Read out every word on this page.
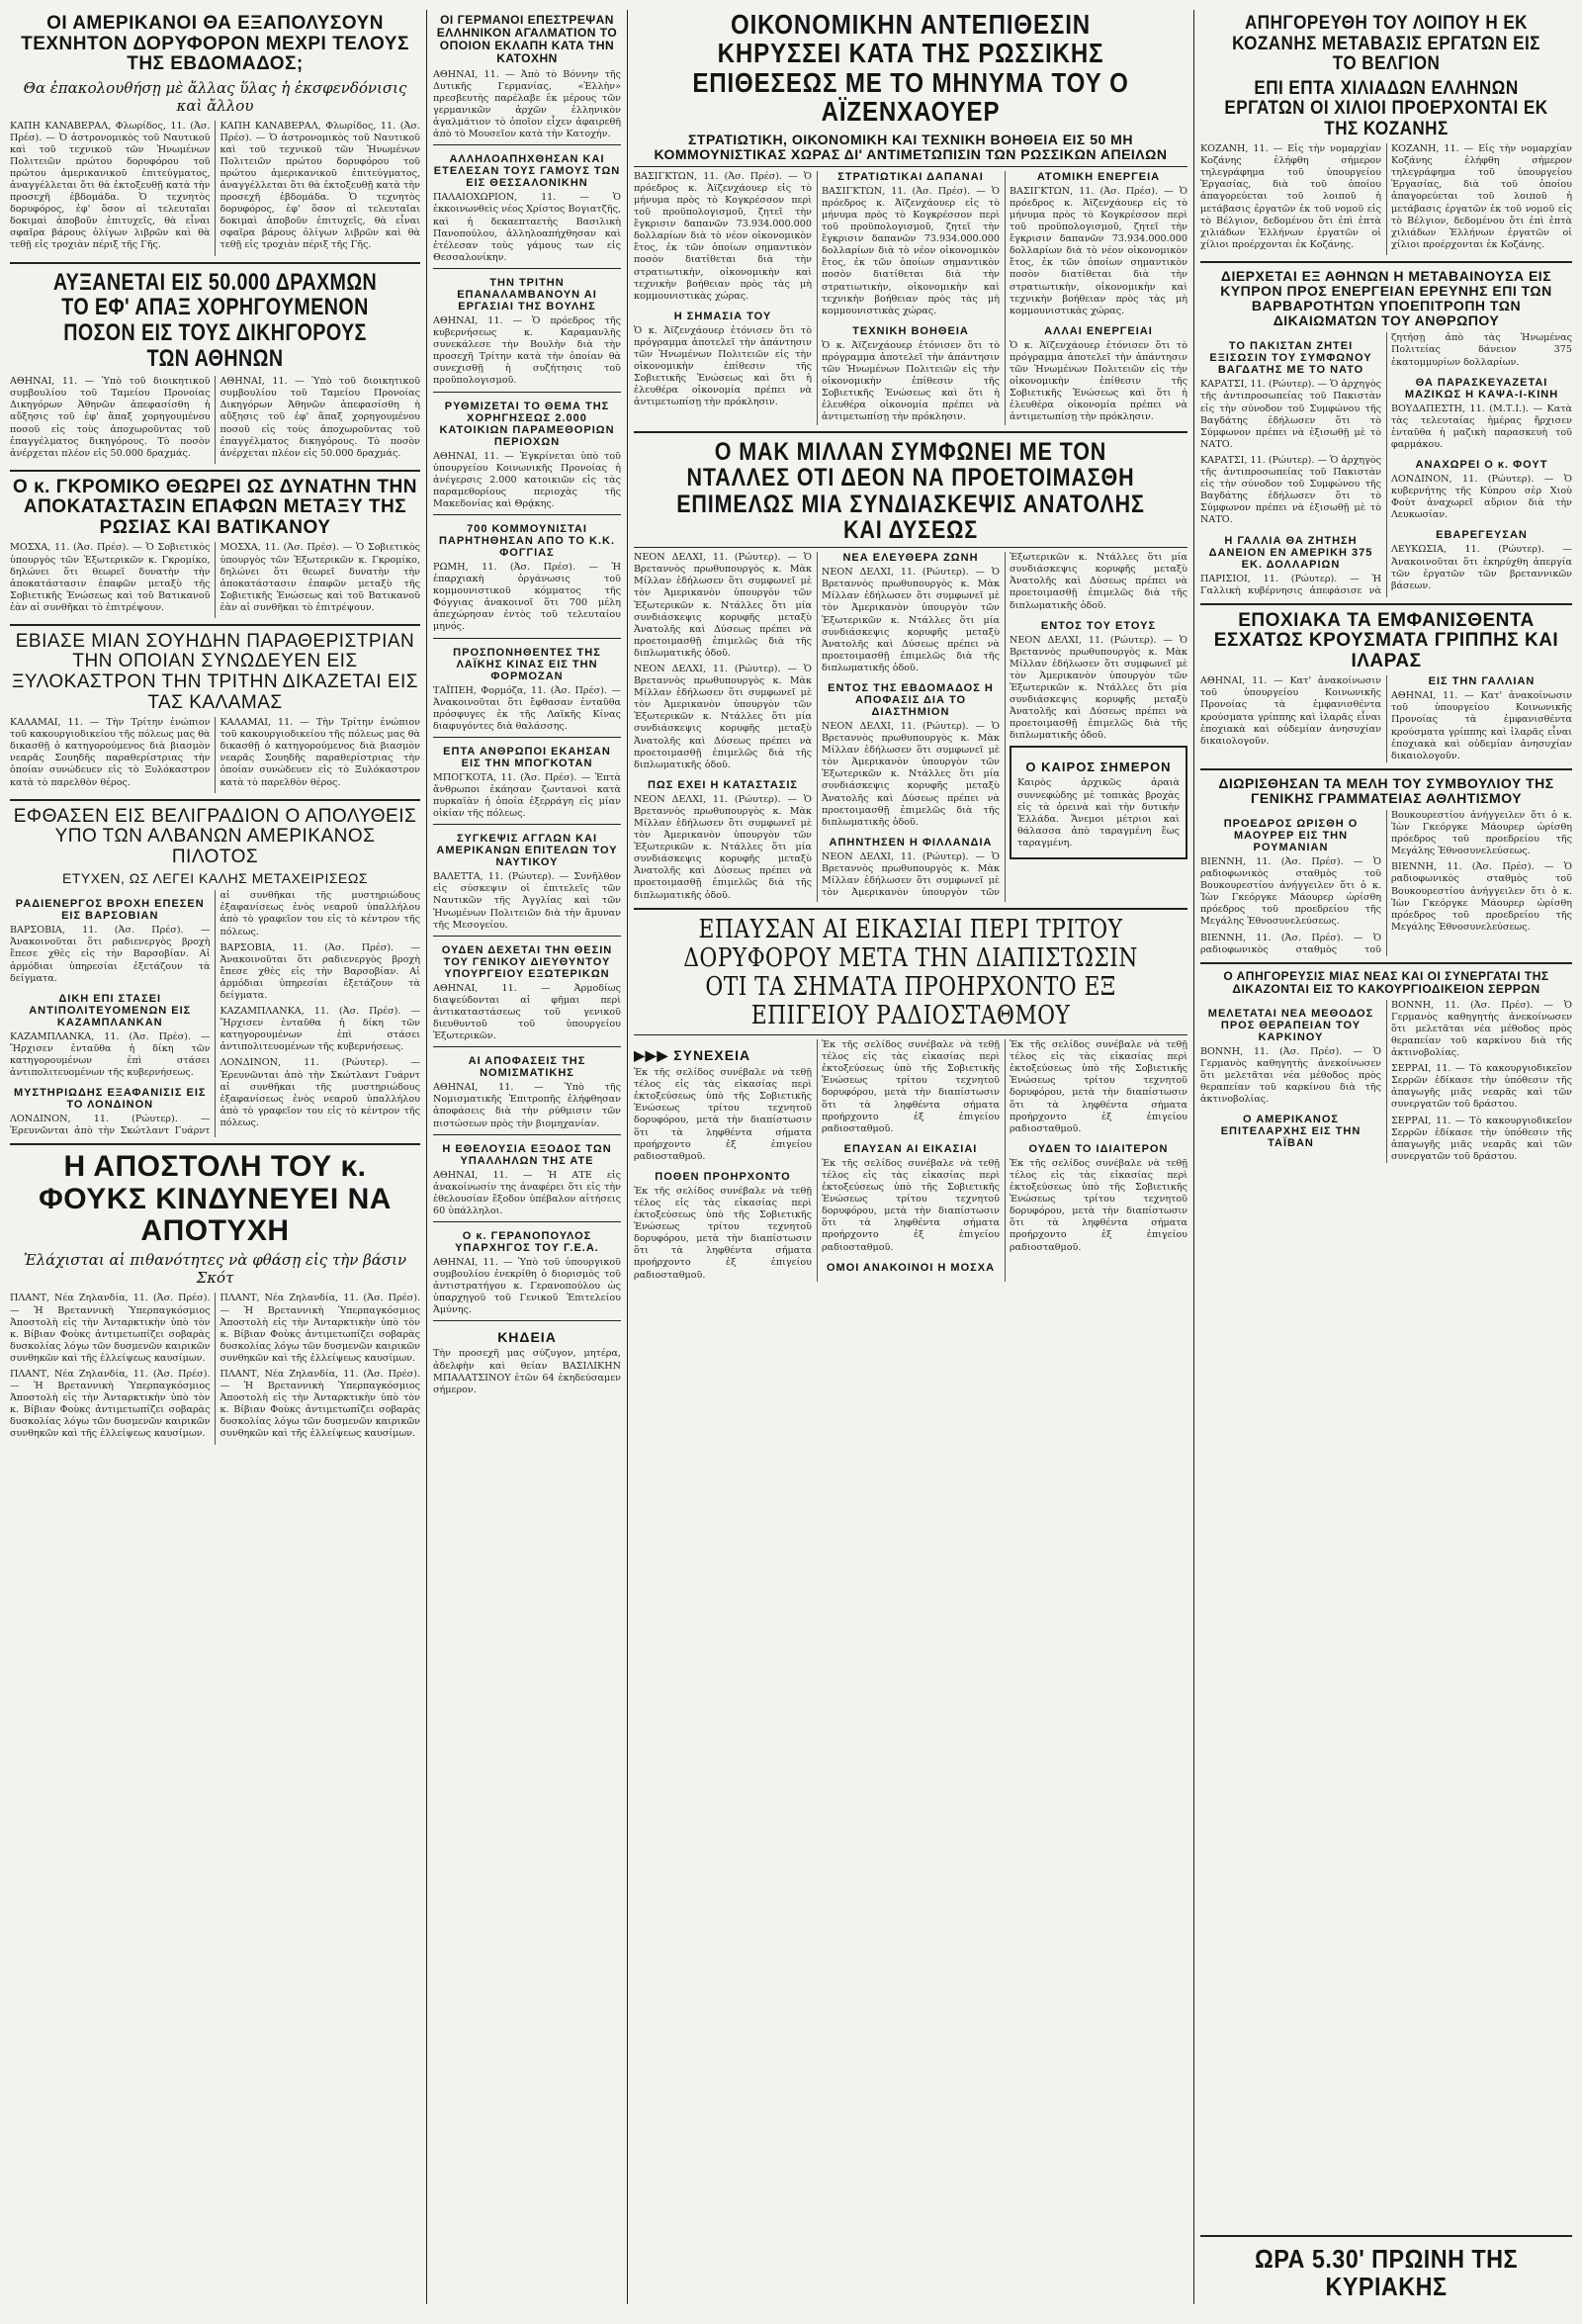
ΟΙ ΑΜΕΡΙΚΑΝΟΙ ΘΑ ΕΞΑΠΟΛΥΣΟΥΝ ΤΕΧΝΗΤΟΝ ΔΟΡΥΦΟΡΟΝ ΜΕΧΡΙ ΤΕΛΟΥΣ ΤΗΣ ΕΒΔΟΜΑΔΟΣ;
Θα ἐπακολουθήσῃ μὲ ἄλλας ὕλας ἡ ἐκσφενδόνισις καὶ ἄλλου

ΚΑΠΗ ΚΑΝΑΒΕΡΑΛ, Φλωρίδος, 11. (Ἀσ. Πρέσ). — Ὁ ἀστρονομικὸς τοῦ Ναυτικοῦ καὶ τοῦ τεχνικοῦ τῶν Ἡνωμένων Πολιτειῶν πρώτου δορυφόρου τοῦ πρώτου ἀμερικανικοῦ ἐπιτεύγματος, ἀναγγέλλεται ὅτι θὰ ἐκτοξευθῇ κατὰ τὴν προσεχῆ ἑβδομάδα. Ὁ τεχνητὸς δορυφόρος, ἐφ' ὅσον αἱ τελευταῖαι δοκιμαὶ ἀποβοῦν ἐπιτυχεῖς, θὰ εἶναι σφαῖρα βάρους ὀλίγων λιβρῶν καὶ θὰ τεθῇ εἰς τροχιὰν πέριξ τῆς Γῆς.

ΚΑΠΗ ΚΑΝΑΒΕΡΑΛ, Φλωρίδος, 11. (Ἀσ. Πρέσ). — Ὁ ἀστρονομικὸς τοῦ Ναυτικοῦ καὶ τοῦ τεχνικοῦ τῶν Ἡνωμένων Πολιτειῶν πρώτου δορυφόρου τοῦ πρώτου ἀμερικανικοῦ ἐπιτεύγματος, ἀναγγέλλεται ὅτι θὰ ἐκτοξευθῇ κατὰ τὴν προσεχῆ ἑβδομάδα. Ὁ τεχνητὸς δορυφόρος, ἐφ' ὅσον αἱ τελευταῖαι δοκιμαὶ ἀποβοῦν ἐπιτυχεῖς, θὰ εἶναι σφαῖρα βάρους ὀλίγων λιβρῶν καὶ θὰ τεθῇ εἰς τροχιὰν πέριξ τῆς Γῆς.

ΑΥΞΑΝΕΤΑΙ ΕΙΣ 50.000 ΔΡΑΧΜΩΝ ΤΟ ΕΦ' ΑΠΑΞ ΧΟΡΗΓΟΥΜΕΝΟΝ ΠΟΣΟΝ ΕΙΣ ΤΟΥΣ ΔΙΚΗΓΟΡΟΥΣ ΤΩΝ ΑΘΗΝΩΝ

ΑΘΗΝΑΙ, 11. — Ὑπὸ τοῦ διοικητικοῦ συμβουλίου τοῦ Ταμείου Προνοίας Δικηγόρων Ἀθηνῶν ἀπεφασίσθη ἡ αὔξησις τοῦ ἐφ' ἅπαξ χορηγουμένου ποσοῦ εἰς τοὺς ἀποχωροῦντας τοῦ ἐπαγγέλματος δικηγόρους. Τὸ ποσὸν ἀνέρχεται πλέον εἰς 50.000 δραχμάς.

ΑΘΗΝΑΙ, 11. — Ὑπὸ τοῦ διοικητικοῦ συμβουλίου τοῦ Ταμείου Προνοίας Δικηγόρων Ἀθηνῶν ἀπεφασίσθη ἡ αὔξησις τοῦ ἐφ' ἅπαξ χορηγουμένου ποσοῦ εἰς τοὺς ἀποχωροῦντας τοῦ ἐπαγγέλματος δικηγόρους. Τὸ ποσὸν ἀνέρχεται πλέον εἰς 50.000 δραχμάς.

Ο κ. ΓΚΡΟΜΙΚΟ ΘΕΩΡΕΙ ΩΣ ΔΥΝΑΤΗΝ ΤΗΝ ΑΠΟΚΑΤΑΣΤΑΣΙΝ ΕΠΑΦΩΝ ΜΕΤΑΞΥ ΤΗΣ ΡΩΣΙΑΣ ΚΑΙ ΒΑΤΙΚΑΝΟΥ

ΜΟΣΧΑ, 11. (Ἀσ. Πρέσ). — Ὁ Σοβιετικὸς ὑπουργὸς τῶν Ἐξωτερικῶν κ. Γκρομίκο, δηλώνει ὅτι θεωρεῖ δυνατὴν τὴν ἀποκατάστασιν ἐπαφῶν μεταξὺ τῆς Σοβιετικῆς Ἑνώσεως καὶ τοῦ Βατικανοῦ ἐὰν αἱ συνθῆκαι τὸ ἐπιτρέψουν.

ΜΟΣΧΑ, 11. (Ἀσ. Πρέσ). — Ὁ Σοβιετικὸς ὑπουργὸς τῶν Ἐξωτερικῶν κ. Γκρομίκο, δηλώνει ὅτι θεωρεῖ δυνατὴν τὴν ἀποκατάστασιν ἐπαφῶν μεταξὺ τῆς Σοβιετικῆς Ἑνώσεως καὶ τοῦ Βατικανοῦ ἐὰν αἱ συνθῆκαι τὸ ἐπιτρέψουν.

ΕΒΙΑΣΕ ΜΙΑΝ ΣΟΥΗΔΗΝ ΠΑΡΑΘΕΡΙΣΤΡΙΑΝ ΤΗΝ ΟΠΟΙΑΝ ΣΥΝΩΔΕΥΕΝ ΕΙΣ ΞΥΛΟΚΑΣΤΡΟΝ ΤΗΝ ΤΡΙΤΗΝ ΔΙΚΑΖΕΤΑΙ ΕΙΣ ΤΑΣ ΚΑΛΑΜΑΣ

ΚΑΛΑΜΑΙ, 11. — Τὴν Τρίτην ἐνώπιον τοῦ κακουργιοδικείου τῆς πόλεως μας θὰ δικασθῇ ὁ κατηγορούμενος διὰ βιασμὸν νεαρᾶς Σουηδῆς παραθερίστριας τὴν ὁποίαν συνώδευεν εἰς τὸ Ξυλόκαστρον κατὰ τὸ παρελθὸν θέρος.

ΚΑΛΑΜΑΙ, 11. — Τὴν Τρίτην ἐνώπιον τοῦ κακουργιοδικείου τῆς πόλεως μας θὰ δικασθῇ ὁ κατηγορούμενος διὰ βιασμὸν νεαρᾶς Σουηδῆς παραθερίστριας τὴν ὁποίαν συνώδευεν εἰς τὸ Ξυλόκαστρον κατὰ τὸ παρελθὸν θέρος.

ΕΦΘΑΣΕΝ ΕΙΣ ΒΕΛΙΓΡΑΔΙΟΝ Ο ΑΠΟΛΥΘΕΙΣ ΥΠΟ ΤΩΝ ΑΛΒΑΝΩΝ ΑΜΕΡΙΚΑΝΟΣ ΠΙΛΟΤΟΣ
ΕΤΥΧΕΝ, ΩΣ ΛΕΓΕΙ ΚΑΛΗΣ ΜΕΤΑΧΕΙΡΙΣΕΩΣ
ΡΑΔΙΕΝΕΡΓΟΣ ΒΡΟΧΗ ΕΠΕΣΕΝ ΕΙΣ ΒΑΡΣΟΒΙΑΝ

ΒΑΡΣΟΒΙΑ, 11. (Ἀσ. Πρέσ). — Ἀνακοινοῦται ὅτι ραδιενεργὸς βροχὴ ἔπεσε χθὲς εἰς τὴν Βαρσοβίαν. Αἱ ἀρμόδιαι ὑπηρεσίαι ἐξετάζουν τὰ δείγματα.

ΔΙΚΗ ΕΠΙ ΣΤΑΣΕΙ ΑΝΤΙΠΟΛΙΤΕΥΟΜΕΝΩΝ ΕΙΣ ΚΑΖΑΜΠΛΑΝΚΑΝ

ΚΑΖΑΜΠΛΑΝΚΑ, 11. (Ἀσ. Πρέσ). — Ἤρχισεν ἐνταῦθα ἡ δίκη τῶν κατηγορουμένων ἐπὶ στάσει ἀντιπολιτευομένων τῆς κυβερνήσεως.

ΜΥΣΤΗΡΙΩΔΗΣ ΕΞΑΦΑΝΙΣΙΣ ΕΙΣ ΤΟ ΛΟΝΔΙΝΟΝ

ΛΟΝΔΙΝΟΝ, 11. (Ρώυτερ). — Ἐρευνῶνται ἀπὸ τὴν Σκώτλαντ Γυάρντ αἱ συνθῆκαι τῆς μυστηριώδους ἐξαφανίσεως ἑνὸς νεαροῦ ὑπαλλήλου ἀπὸ τὸ γραφεῖον του εἰς τὸ κέντρον τῆς πόλεως.

ΒΑΡΣΟΒΙΑ, 11. (Ἀσ. Πρέσ). — Ἀνακοινοῦται ὅτι ραδιενεργὸς βροχὴ ἔπεσε χθὲς εἰς τὴν Βαρσοβίαν. Αἱ ἀρμόδιαι ὑπηρεσίαι ἐξετάζουν τὰ δείγματα.

ΚΑΖΑΜΠΛΑΝΚΑ, 11. (Ἀσ. Πρέσ). — Ἤρχισεν ἐνταῦθα ἡ δίκη τῶν κατηγορουμένων ἐπὶ στάσει ἀντιπολιτευομένων τῆς κυβερνήσεως.

ΛΟΝΔΙΝΟΝ, 11. (Ρώυτερ). — Ἐρευνῶνται ἀπὸ τὴν Σκώτλαντ Γυάρντ αἱ συνθῆκαι τῆς μυστηριώδους ἐξαφανίσεως ἑνὸς νεαροῦ ὑπαλλήλου ἀπὸ τὸ γραφεῖον του εἰς τὸ κέντρον τῆς πόλεως.

Η ΑΠΟΣΤΟΛΗ ΤΟΥ κ. ΦΟΥΚΣ ΚΙΝΔΥΝΕΥΕΙ ΝΑ ΑΠΟΤΥΧΗ
Ἐλάχισται αἱ πιθανότητες νὰ φθάσῃ εἰς τὴν βάσιν Σκότ

ΠΛΑΝΤ, Νέα Ζηλανδία, 11. (Ἀσ. Πρέσ). — Ἡ Βρεταννικὴ Ὑπερπαγκόσμιος Ἀποστολὴ εἰς τὴν Ἀνταρκτικὴν ὑπὸ τὸν κ. Βίβιαν Φοὺκς ἀντιμετωπίζει σοβαρὰς δυσκολίας λόγω τῶν δυσμενῶν καιρικῶν συνθηκῶν καὶ τῆς ἐλλείψεως καυσίμων.

ΠΛΑΝΤ, Νέα Ζηλανδία, 11. (Ἀσ. Πρέσ). — Ἡ Βρεταννικὴ Ὑπερπαγκόσμιος Ἀποστολὴ εἰς τὴν Ἀνταρκτικὴν ὑπὸ τὸν κ. Βίβιαν Φοὺκς ἀντιμετωπίζει σοβαρὰς δυσκολίας λόγω τῶν δυσμενῶν καιρικῶν συνθηκῶν καὶ τῆς ἐλλείψεως καυσίμων.

ΠΛΑΝΤ, Νέα Ζηλανδία, 11. (Ἀσ. Πρέσ). — Ἡ Βρεταννικὴ Ὑπερπαγκόσμιος Ἀποστολὴ εἰς τὴν Ἀνταρκτικὴν ὑπὸ τὸν κ. Βίβιαν Φοὺκς ἀντιμετωπίζει σοβαρὰς δυσκολίας λόγω τῶν δυσμενῶν καιρικῶν συνθηκῶν καὶ τῆς ἐλλείψεως καυσίμων.

ΠΛΑΝΤ, Νέα Ζηλανδία, 11. (Ἀσ. Πρέσ). — Ἡ Βρεταννικὴ Ὑπερπαγκόσμιος Ἀποστολὴ εἰς τὴν Ἀνταρκτικὴν ὑπὸ τὸν κ. Βίβιαν Φοὺκς ἀντιμετωπίζει σοβαρὰς δυσκολίας λόγω τῶν δυσμενῶν καιρικῶν συνθηκῶν καὶ τῆς ἐλλείψεως καυσίμων.

ΟΙ ΓΕΡΜΑΝΟΙ ΕΠΕΣΤΡΕΨΑΝ ΕΛΛΗΝΙΚΟΝ ΑΓΑΛΜΑΤΙΟΝ ΤΟ ΟΠΟΙΟΝ ΕΚΛΑΠΗ ΚΑΤΑ ΤΗΝ ΚΑΤΟΧΗΝ

ΑΘΗΝΑΙ, 11. — Ἀπὸ τὸ Βόννην τῆς Δυτικῆς Γερμανίας, «Ἑλλὴν» πρεσβευτὴς παρέλαβε ἐκ μέρους τῶν γερμανικῶν ἀρχῶν ἑλληνικὸν ἀγαλμάτιον τὸ ὁποῖον εἶχεν ἀφαιρεθῆ ἀπὸ τὸ Μουσεῖον κατὰ τὴν Κατοχήν.

ΑΛΛΗΛΟΑΠΗΧΘΗΣΑΝ ΚΑΙ ΕΤΕΛΕΣΑΝ ΤΟΥΣ ΓΑΜΟΥΣ ΤΩΝ ΕΙΣ ΘΕΣΣΑΛΟΝΙΚΗΝ

ΠΑΛΑΙΟΧΩΡΙΟΝ, 11. — Ὁ ἐκκοινωνθεὶς νέος Χρίστος Βογιατζῆς, καὶ ἡ δεκαεπταετὴς Βασιλικὴ Πανοπούλου, ἀλληλοαπήχθησαν καὶ ἐτέλεσαν τοὺς γάμους των εἰς Θεσσαλονίκην.

ΤΗΝ ΤΡΙΤΗΝ ΕΠΑΝΑΛΑΜΒΑΝΟΥΝ ΑΙ ΕΡΓΑΣΙΑΙ ΤΗΣ ΒΟΥΛΗΣ

ΑΘΗΝΑΙ, 11. — Ὁ πρόεδρος τῆς κυβερνήσεως κ. Καραμανλῆς συνεκάλεσε τὴν Βουλὴν διὰ τὴν προσεχῆ Τρίτην κατὰ τὴν ὁποίαν θὰ συνεχισθῇ ἡ συζήτησις τοῦ προϋπολογισμοῦ.

ΡΥΘΜΙΖΕΤΑΙ ΤΟ ΘΕΜΑ ΤΗΣ ΧΟΡΗΓΗΣΕΩΣ 2.000 ΚΑΤΟΙΚΙΩΝ ΠΑΡΑΜΕΘΟΡΙΩΝ ΠΕΡΙΟΧΩΝ

ΑΘΗΝΑΙ, 11. — Ἐγκρίνεται ὑπὸ τοῦ ὑπουργείου Κοινωνικῆς Προνοίας ἡ ἀνέγερσις 2.000 κατοικιῶν εἰς τὰς παραμεθορίους περιοχὰς τῆς Μακεδονίας καὶ Θρᾴκης.

700 ΚΟΜΜΟΥΝΙΣΤΑΙ ΠΑΡΗΤΗΘΗΣΑΝ ΑΠΟ ΤΟ Κ.Κ. ΦΟΓΓΙΑΣ

ΡΩΜΗ, 11. (Ἀσ. Πρέσ). — Ἡ ἐπαρχιακὴ ὀργάνωσις τοῦ κομμουνιστικοῦ κόμματος τῆς Φόγγιας ἀνακοινοῖ ὅτι 700 μέλη ἀπεχώρησαν ἐντὸς τοῦ τελευταίου μηνός.

ΠΡΟΣΠΟΝΗΘΕΝΤΕΣ ΤΗΣ ΛΑΪΚΗΣ ΚΙΝΑΣ ΕΙΣ ΤΗΝ ΦΟΡΜΟΖΑΝ

ΤΑΪΠΕΗ, Φορμόζα, 11. (Ἀσ. Πρέσ). — Ἀνακοινοῦται ὅτι ἔφθασαν ἐνταῦθα πρόσφυγες ἐκ τῆς Λαϊκῆς Κίνας διαφυγόντες διὰ θαλάσσης.

ΕΠΤΑ ΑΝΘΡΩΠΟΙ ΕΚΑΗΣΑΝ ΕΙΣ ΤΗΝ ΜΠΟΓΚΟΤΑΝ

ΜΠΟΓΚΟΤΑ, 11. (Ἀσ. Πρέσ). — Ἑπτὰ ἄνθρωποι ἐκάησαν ζωντανοὶ κατὰ πυρκαϊὰν ἡ ὁποία ἐξερράγη εἰς μίαν οἰκίαν τῆς πόλεως.

ΣΥΓΚΕΨΙΣ ΑΓΓΛΩΝ ΚΑΙ ΑΜΕΡΙΚΑΝΩΝ ΕΠΙΤΕΛΩΝ ΤΟΥ ΝΑΥΤΙΚΟΥ

ΒΑΛΕΤΤΑ, 11. (Ρώυτερ). — Συνῆλθον εἰς σύσκεψιν οἱ ἐπιτελεῖς τῶν Ναυτικῶν τῆς Ἀγγλίας καὶ τῶν Ἡνωμένων Πολιτειῶν διὰ τὴν ἄμυναν τῆς Μεσογείου.

ΟΥΔΕΝ ΔΕΧΕΤΑΙ ΤΗΝ ΘΕΣΙΝ ΤΟΥ ΓΕΝΙΚΟΥ ΔΙΕΥΘΥΝΤΟΥ ΥΠΟΥΡΓΕΙΟΥ ΕΞΩΤΕΡΙΚΩΝ

ΑΘΗΝΑΙ, 11. — Ἀρμοδίως διαψεύδονται αἱ φῆμαι περὶ ἀντικαταστάσεως τοῦ γενικοῦ διευθυντοῦ τοῦ ὑπουργείου Ἐξωτερικῶν.

ΑΙ ΑΠΟΦΑΣΕΙΣ ΤΗΣ ΝΟΜΙΣΜΑΤΙΚΗΣ

ΑΘΗΝΑΙ, 11. — Ὑπὸ τῆς Νομισματικῆς Ἐπιτροπῆς ἐλήφθησαν ἀποφάσεις διὰ τὴν ρύθμισιν τῶν πιστώσεων πρὸς τὴν βιομηχανίαν.

Η ΕΘΕΛΟΥΣΙΑ ΕΞΟΔΟΣ ΤΩΝ ΥΠΑΛΛΗΛΩΝ ΤΗΣ ΑΤΕ

ΑΘΗΝΑΙ, 11. — Ἡ ΑΤΕ εἰς ἀνακοίνωσίν της ἀναφέρει ὅτι εἰς τὴν ἐθελουσίαν ἔξοδον ὑπέβαλον αἰτήσεις 60 ὑπάλληλοι.

Ο κ. ΓΕΡΑΝΟΠΟΥΛΟΣ ΥΠΑΡΧΗΓΟΣ ΤΟΥ Γ.Ε.Α.

ΑΘΗΝΑΙ, 11. — Ὑπὸ τοῦ ὑπουργικοῦ συμβουλίου ἐνεκρίθη ὁ διορισμὸς τοῦ ἀντιστρατήγου κ. Γερανοπούλου ὡς ὑπαρχηγοῦ τοῦ Γενικοῦ Ἐπιτελείου Ἀμύνης.

ΚΗΔΕΙΑ

Τὴν προσεχῆ μας σύζυγον, μητέρα, ἀδελφὴν καὶ θείαν ΒΑΣΙΛΙΚΗΝ ΜΠΑΛΑΤΣΙΝΟΥ ἐτῶν 64 ἐκηδεύσαμεν σήμερον.

ΟΙΚΟΝΟΜΙΚΗΝ ΑΝΤΕΠΙΘΕΣΙΝ ΚΗΡΥΣΣΕΙ ΚΑΤΑ ΤΗΣ ΡΩΣΣΙΚΗΣ ΕΠΙΘΕΣΕΩΣ ΜΕ ΤΟ ΜΗΝΥΜΑ ΤΟΥ Ο ΑΪΖΕΝΧΑΟΥΕΡ
ΣΤΡΑΤΙΩΤΙΚΗ, ΟΙΚΟΝΟΜΙΚΗ ΚΑΙ ΤΕΧΝΙΚΗ ΒΟΗΘΕΙΑ ΕΙΣ 50 ΜΗ ΚΟΜΜΟΥΝΙΣΤΙΚΑΣ ΧΩΡΑΣ ΔΙ' ΑΝΤΙΜΕΤΩΠΙΣΙΝ ΤΩΝ ΡΩΣΣΙΚΩΝ ΑΠΕΙΛΩΝ

ΒΑΣΙΓΚΤΩΝ, 11. (Ἀσ. Πρέσ). — Ὁ πρόεδρος κ. Ἀϊζενχάουερ εἰς τὸ μήνυμα πρὸς τὸ Κογκρέσσον περὶ τοῦ προϋπολογισμοῦ, ζητεῖ τὴν ἔγκρισιν δαπανῶν 73.934.000.000 δολλαρίων διὰ τὸ νέον οἰκονομικὸν ἔτος, ἐκ τῶν ὁποίων σημαντικὸν ποσὸν διατίθεται διὰ τὴν στρατιωτικὴν, οἰκονομικὴν καὶ τεχνικὴν βοήθειαν πρὸς τὰς μὴ κομμουνιστικὰς χώρας.

Η ΣΗΜΑΣΙΑ ΤΟΥ

Ὁ κ. Ἀϊζενχάουερ ἐτόνισεν ὅτι τὸ πρόγραμμα ἀποτελεῖ τὴν ἀπάντησιν τῶν Ἡνωμένων Πολιτειῶν εἰς τὴν οἰκονομικὴν ἐπίθεσιν τῆς Σοβιετικῆς Ἑνώσεως καὶ ὅτι ἡ ἐλευθέρα οἰκονομία πρέπει νὰ ἀντιμετωπίσῃ τὴν πρόκλησιν.

ΣΤΡΑΤΙΩΤΙΚΑΙ ΔΑΠΑΝΑΙ

ΒΑΣΙΓΚΤΩΝ, 11. (Ἀσ. Πρέσ). — Ὁ πρόεδρος κ. Ἀϊζενχάουερ εἰς τὸ μήνυμα πρὸς τὸ Κογκρέσσον περὶ τοῦ προϋπολογισμοῦ, ζητεῖ τὴν ἔγκρισιν δαπανῶν 73.934.000.000 δολλαρίων διὰ τὸ νέον οἰκονομικὸν ἔτος, ἐκ τῶν ὁποίων σημαντικὸν ποσὸν διατίθεται διὰ τὴν στρατιωτικὴν, οἰκονομικὴν καὶ τεχνικὴν βοήθειαν πρὸς τὰς μὴ κομμουνιστικὰς χώρας.

ΤΕΧΝΙΚΗ ΒΟΗΘΕΙΑ

Ὁ κ. Ἀϊζενχάουερ ἐτόνισεν ὅτι τὸ πρόγραμμα ἀποτελεῖ τὴν ἀπάντησιν τῶν Ἡνωμένων Πολιτειῶν εἰς τὴν οἰκονομικὴν ἐπίθεσιν τῆς Σοβιετικῆς Ἑνώσεως καὶ ὅτι ἡ ἐλευθέρα οἰκονομία πρέπει νὰ ἀντιμετωπίσῃ τὴν πρόκλησιν.

ΑΤΟΜΙΚΗ ΕΝΕΡΓΕΙΑ

ΒΑΣΙΓΚΤΩΝ, 11. (Ἀσ. Πρέσ). — Ὁ πρόεδρος κ. Ἀϊζενχάουερ εἰς τὸ μήνυμα πρὸς τὸ Κογκρέσσον περὶ τοῦ προϋπολογισμοῦ, ζητεῖ τὴν ἔγκρισιν δαπανῶν 73.934.000.000 δολλαρίων διὰ τὸ νέον οἰκονομικὸν ἔτος, ἐκ τῶν ὁποίων σημαντικὸν ποσὸν διατίθεται διὰ τὴν στρατιωτικὴν, οἰκονομικὴν καὶ τεχνικὴν βοήθειαν πρὸς τὰς μὴ κομμουνιστικὰς χώρας.

ΑΛΛΑΙ ΕΝΕΡΓΕΙΑΙ

Ὁ κ. Ἀϊζενχάουερ ἐτόνισεν ὅτι τὸ πρόγραμμα ἀποτελεῖ τὴν ἀπάντησιν τῶν Ἡνωμένων Πολιτειῶν εἰς τὴν οἰκονομικὴν ἐπίθεσιν τῆς Σοβιετικῆς Ἑνώσεως καὶ ὅτι ἡ ἐλευθέρα οἰκονομία πρέπει νὰ ἀντιμετωπίσῃ τὴν πρόκλησιν.

Ο ΜΑΚ ΜΙΛΛΑΝ ΣΥΜΦΩΝΕΙ ΜΕ ΤΟΝ ΝΤΑΛΛΕΣ ΟΤΙ ΔΕΟΝ ΝΑ ΠΡΟΕΤΟΙΜΑΣΘΗ ΕΠΙΜΕΛΩΣ ΜΙΑ ΣΥΝΔΙΑΣΚΕΨΙΣ ΑΝΑΤΟΛΗΣ ΚΑΙ ΔΥΣΕΩΣ

ΝΕΟΝ ΔΕΛΧΙ, 11. (Ρώυτερ). — Ὁ Βρεταννὸς πρωθυπουργὸς κ. Μὰκ Μίλλαν ἐδήλωσεν ὅτι συμφωνεῖ μὲ τὸν Ἀμερικανὸν ὑπουργὸν τῶν Ἐξωτερικῶν κ. Ντάλλες ὅτι μία συνδιάσκεψις κορυφῆς μεταξὺ Ἀνατολῆς καὶ Δύσεως πρέπει νὰ προετοιμασθῇ ἐπιμελῶς διὰ τῆς διπλωματικῆς ὁδοῦ.

ΝΕΟΝ ΔΕΛΧΙ, 11. (Ρώυτερ). — Ὁ Βρεταννὸς πρωθυπουργὸς κ. Μὰκ Μίλλαν ἐδήλωσεν ὅτι συμφωνεῖ μὲ τὸν Ἀμερικανὸν ὑπουργὸν τῶν Ἐξωτερικῶν κ. Ντάλλες ὅτι μία συνδιάσκεψις κορυφῆς μεταξὺ Ἀνατολῆς καὶ Δύσεως πρέπει νὰ προετοιμασθῇ ἐπιμελῶς διὰ τῆς διπλωματικῆς ὁδοῦ.

ΠΩΣ ΕΧΕΙ Η ΚΑΤΑΣΤΑΣΙΣ

ΝΕΟΝ ΔΕΛΧΙ, 11. (Ρώυτερ). — Ὁ Βρεταννὸς πρωθυπουργὸς κ. Μὰκ Μίλλαν ἐδήλωσεν ὅτι συμφωνεῖ μὲ τὸν Ἀμερικανὸν ὑπουργὸν τῶν Ἐξωτερικῶν κ. Ντάλλες ὅτι μία συνδιάσκεψις κορυφῆς μεταξὺ Ἀνατολῆς καὶ Δύσεως πρέπει νὰ προετοιμασθῇ ἐπιμελῶς διὰ τῆς διπλωματικῆς ὁδοῦ.

ΝΕΑ ΕΛΕΥΘΕΡΑ ΖΩΝΗ

ΝΕΟΝ ΔΕΛΧΙ, 11. (Ρώυτερ). — Ὁ Βρεταννὸς πρωθυπουργὸς κ. Μὰκ Μίλλαν ἐδήλωσεν ὅτι συμφωνεῖ μὲ τὸν Ἀμερικανὸν ὑπουργὸν τῶν Ἐξωτερικῶν κ. Ντάλλες ὅτι μία συνδιάσκεψις κορυφῆς μεταξὺ Ἀνατολῆς καὶ Δύσεως πρέπει νὰ προετοιμασθῇ ἐπιμελῶς διὰ τῆς διπλωματικῆς ὁδοῦ.

ΕΝΤΟΣ ΤΗΣ ΕΒΔΟΜΑΔΟΣ Η ΑΠΟΦΑΣΙΣ ΔΙΑ ΤΟ ΔΙΑΣΤΗΜΙΟΝ

ΝΕΟΝ ΔΕΛΧΙ, 11. (Ρώυτερ). — Ὁ Βρεταννὸς πρωθυπουργὸς κ. Μὰκ Μίλλαν ἐδήλωσεν ὅτι συμφωνεῖ μὲ τὸν Ἀμερικανὸν ὑπουργὸν τῶν Ἐξωτερικῶν κ. Ντάλλες ὅτι μία συνδιάσκεψις κορυφῆς μεταξὺ Ἀνατολῆς καὶ Δύσεως πρέπει νὰ προετοιμασθῇ ἐπιμελῶς διὰ τῆς διπλωματικῆς ὁδοῦ.

ΑΠΗΝΤΗΣΕΝ Η ΦΙΛΛΑΝΔΙΑ

ΝΕΟΝ ΔΕΛΧΙ, 11. (Ρώυτερ). — Ὁ Βρεταννὸς πρωθυπουργὸς κ. Μὰκ Μίλλαν ἐδήλωσεν ὅτι συμφωνεῖ μὲ τὸν Ἀμερικανὸν ὑπουργὸν τῶν Ἐξωτερικῶν κ. Ντάλλες ὅτι μία συνδιάσκεψις κορυφῆς μεταξὺ Ἀνατολῆς καὶ Δύσεως πρέπει νὰ προετοιμασθῇ ἐπιμελῶς διὰ τῆς διπλωματικῆς ὁδοῦ.

ΕΝΤΟΣ ΤΟΥ ΕΤΟΥΣ

ΝΕΟΝ ΔΕΛΧΙ, 11. (Ρώυτερ). — Ὁ Βρεταννὸς πρωθυπουργὸς κ. Μὰκ Μίλλαν ἐδήλωσεν ὅτι συμφωνεῖ μὲ τὸν Ἀμερικανὸν ὑπουργὸν τῶν Ἐξωτερικῶν κ. Ντάλλες ὅτι μία συνδιάσκεψις κορυφῆς μεταξὺ Ἀνατολῆς καὶ Δύσεως πρέπει νὰ προετοιμασθῇ ἐπιμελῶς διὰ τῆς διπλωματικῆς ὁδοῦ.

Ο ΚΑΙΡΟΣ ΣΗΜΕΡΟΝ

Καιρὸς ἀρχικῶς ἀραιὰ συννεφώδης μὲ τοπικὰς βροχὰς εἰς τὰ ὀρεινὰ καὶ τὴν δυτικὴν Ἑλλάδα. Ἄνεμοι μέτριοι καὶ θάλασσα ἀπὸ ταραγμένη ἕως ταραγμένη.

ΕΠΑΥΣΑΝ ΑΙ ΕΙΚΑΣΙΑΙ ΠΕΡΙ ΤΡΙΤΟΥ ΔΟΡΥΦΟΡΟΥ ΜΕΤΑ ΤΗΝ ΔΙΑΠΙΣΤΩΣΙΝ ΟΤΙ ΤΑ ΣΗΜΑΤΑ ΠΡΟΗΡΧΟΝΤΟ ΕΞ ΕΠΙΓΕΙΟΥ ΡΑΔΙΟΣΤΑΘΜΟΥ
▶▶▶ ΣΥΝΕΧΕΙΑ

Ἐκ τῆς σελίδος συνέβαλε νὰ τεθῇ τέλος εἰς τὰς εἰκασίας περὶ ἐκτοξεύσεως ὑπὸ τῆς Σοβιετικῆς Ἑνώσεως τρίτου τεχνητοῦ δορυφόρου, μετὰ τὴν διαπίστωσιν ὅτι τὰ ληφθέντα σήματα προήρχοντο ἐξ ἐπιγείου ραδιοσταθμοῦ.

ΠΟΘΕΝ ΠΡΟΗΡΧΟΝΤΟ

Ἐκ τῆς σελίδος συνέβαλε νὰ τεθῇ τέλος εἰς τὰς εἰκασίας περὶ ἐκτοξεύσεως ὑπὸ τῆς Σοβιετικῆς Ἑνώσεως τρίτου τεχνητοῦ δορυφόρου, μετὰ τὴν διαπίστωσιν ὅτι τὰ ληφθέντα σήματα προήρχοντο ἐξ ἐπιγείου ραδιοσταθμοῦ.

Ἐκ τῆς σελίδος συνέβαλε νὰ τεθῇ τέλος εἰς τὰς εἰκασίας περὶ ἐκτοξεύσεως ὑπὸ τῆς Σοβιετικῆς Ἑνώσεως τρίτου τεχνητοῦ δορυφόρου, μετὰ τὴν διαπίστωσιν ὅτι τὰ ληφθέντα σήματα προήρχοντο ἐξ ἐπιγείου ραδιοσταθμοῦ.

ΕΠΑΥΣΑΝ ΑΙ ΕΙΚΑΣΙΑΙ

Ἐκ τῆς σελίδος συνέβαλε νὰ τεθῇ τέλος εἰς τὰς εἰκασίας περὶ ἐκτοξεύσεως ὑπὸ τῆς Σοβιετικῆς Ἑνώσεως τρίτου τεχνητοῦ δορυφόρου, μετὰ τὴν διαπίστωσιν ὅτι τὰ ληφθέντα σήματα προήρχοντο ἐξ ἐπιγείου ραδιοσταθμοῦ.

ΟΜΟΙ ΑΝΑΚΟΙΝΟΙ Η ΜΟΣΧΑ

Ἐκ τῆς σελίδος συνέβαλε νὰ τεθῇ τέλος εἰς τὰς εἰκασίας περὶ ἐκτοξεύσεως ὑπὸ τῆς Σοβιετικῆς Ἑνώσεως τρίτου τεχνητοῦ δορυφόρου, μετὰ τὴν διαπίστωσιν ὅτι τὰ ληφθέντα σήματα προήρχοντο ἐξ ἐπιγείου ραδιοσταθμοῦ.

ΟΥΔΕΝ ΤΟ ΙΔΙΑΙΤΕΡΟΝ

Ἐκ τῆς σελίδος συνέβαλε νὰ τεθῇ τέλος εἰς τὰς εἰκασίας περὶ ἐκτοξεύσεως ὑπὸ τῆς Σοβιετικῆς Ἑνώσεως τρίτου τεχνητοῦ δορυφόρου, μετὰ τὴν διαπίστωσιν ὅτι τὰ ληφθέντα σήματα προήρχοντο ἐξ ἐπιγείου ραδιοσταθμοῦ.

ΑΠΗΓΟΡΕΥΘΗ ΤΟΥ ΛΟΙΠΟΥ Η ΕΚ ΚΟΖΑΝΗΣ ΜΕΤΑΒΑΣΙΣ ΕΡΓΑΤΩΝ ΕΙΣ ΤΟ ΒΕΛΓΙΟΝ
ΕΠΙ ΕΠΤΑ ΧΙΛΙΑΔΩΝ ΕΛΛΗΝΩΝ ΕΡΓΑΤΩΝ ΟΙ ΧΙΛΙΟΙ ΠΡΟΕΡΧΟΝΤΑΙ ΕΚ ΤΗΣ ΚΟΖΑΝΗΣ

ΚΟΖΑΝΗ, 11. — Εἰς τὴν νομαρχίαν Κοζάνης ἐλήφθη σήμερον τηλεγράφημα τοῦ ὑπουργείου Ἐργασίας, διὰ τοῦ ὁποίου ἀπαγορεύεται τοῦ λοιποῦ ἡ μετάβασις ἐργατῶν ἐκ τοῦ νομοῦ εἰς τὸ Βέλγιον, δεδομένου ὅτι ἐπὶ ἑπτὰ χιλιάδων Ἑλλήνων ἐργατῶν οἱ χίλιοι προέρχονται ἐκ Κοζάνης.

ΚΟΖΑΝΗ, 11. — Εἰς τὴν νομαρχίαν Κοζάνης ἐλήφθη σήμερον τηλεγράφημα τοῦ ὑπουργείου Ἐργασίας, διὰ τοῦ ὁποίου ἀπαγορεύεται τοῦ λοιποῦ ἡ μετάβασις ἐργατῶν ἐκ τοῦ νομοῦ εἰς τὸ Βέλγιον, δεδομένου ὅτι ἐπὶ ἑπτὰ χιλιάδων Ἑλλήνων ἐργατῶν οἱ χίλιοι προέρχονται ἐκ Κοζάνης.

ΔΙΕΡΧΕΤΑΙ ΕΞ ΑΘΗΝΩΝ Η ΜΕΤΑΒΑΙΝΟΥΣΑ ΕΙΣ ΚΥΠΡΟΝ ΠΡΟΣ ΕΝΕΡΓΕΙΑΝ ΕΡΕΥΝΗΣ ΕΠΙ ΤΩΝ ΒΑΡΒΑΡΟΤΗΤΩΝ ΥΠΟΕΠΙΤΡΟΠΗ ΤΩΝ ΔΙΚΑΙΩΜΑΤΩΝ ΤΟΥ ΑΝΘΡΩΠΟΥ
ΤΟ ΠΑΚΙΣΤΑΝ ΖΗΤΕΙ ΕΞΙΣΩΣΙΝ ΤΟΥ ΣΥΜΦΩΝΟΥ ΒΑΓΔΑΤΗΣ ΜΕ ΤΟ ΝΑΤΟ

ΚΑΡΑΤΣΙ, 11. (Ρώυτερ). — Ὁ ἀρχηγὸς τῆς ἀντιπροσωπείας τοῦ Πακιστὰν εἰς τὴν σύνοδον τοῦ Συμφώνου τῆς Βαγδάτης ἐδήλωσεν ὅτι τὸ Σύμφωνον πρέπει νὰ ἐξισωθῇ μὲ τὸ ΝΑΤΟ.

ΚΑΡΑΤΣΙ, 11. (Ρώυτερ). — Ὁ ἀρχηγὸς τῆς ἀντιπροσωπείας τοῦ Πακιστὰν εἰς τὴν σύνοδον τοῦ Συμφώνου τῆς Βαγδάτης ἐδήλωσεν ὅτι τὸ Σύμφωνον πρέπει νὰ ἐξισωθῇ μὲ τὸ ΝΑΤΟ.

Η ΓΑΛΛΙΑ ΘΑ ΖΗΤΗΣΗ ΔΑΝΕΙΟΝ ΕΝ ΑΜΕΡΙΚΗ 375 ΕΚ. ΔΟΛΛΑΡΙΩΝ

ΠΑΡΙΣΙΟΙ, 11. (Ρώυτερ). — Ἡ Γαλλικὴ κυβέρνησις ἀπεφάσισε νὰ ζητήσῃ ἀπὸ τὰς Ἡνωμένας Πολιτείας δάνειον 375 ἑκατομμυρίων δολλαρίων.

ΘΑ ΠΑΡΑΣΚΕΥΑΖΕΤΑΙ ΜΑΖΙΚΩΣ Η ΚΑΨΑ-Ι-ΚΙΝΗ

ΒΟΥΔΑΠΕΣΤΗ, 11. (Μ.Τ.Ι.). — Κατὰ τὰς τελευταίας ἡμέρας ἤρχισεν ἐνταῦθα ἡ μαζικὴ παρασκευὴ τοῦ φαρμάκου.

ΑΝΑΧΩΡΕΙ Ο κ. ΦΟΥΤ

ΛΟΝΔΙΝΟΝ, 11. (Ρώυτερ). — Ὁ κυβερνήτης τῆς Κύπρου σὲρ Χιοὺ Φοὺτ ἀναχωρεῖ αὔριον διὰ τὴν Λευκωσίαν.

ΕΒΑΡΕΓΕΥΣΑΝ

ΛΕΥΚΩΣΙΑ, 11. (Ρώυτερ). — Ἀνακοινοῦται ὅτι ἐκηρύχθη ἀπεργία τῶν ἐργατῶν τῶν βρεταννικῶν βάσεων.

ΕΠΟΧΙΑΚΑ ΤΑ ΕΜΦΑΝΙΣΘΕΝΤΑ ΕΣΧΑΤΩΣ ΚΡΟΥΣΜΑΤΑ ΓΡΙΠΠΗΣ ΚΑΙ ΙΛΑΡΑΣ

ΑΘΗΝΑΙ, 11. — Κατ' ἀνακοίνωσιν τοῦ ὑπουργείου Κοινωνικῆς Προνοίας τὰ ἐμφανισθέντα κρούσματα γρίππης καὶ ἰλαρᾶς εἶναι ἐποχιακὰ καὶ οὐδεμίαν ἀνησυχίαν δικαιολογοῦν.

ΕΙΣ ΤΗΝ ΓΑΛΛΙΑΝ

ΑΘΗΝΑΙ, 11. — Κατ' ἀνακοίνωσιν τοῦ ὑπουργείου Κοινωνικῆς Προνοίας τὰ ἐμφανισθέντα κρούσματα γρίππης καὶ ἰλαρᾶς εἶναι ἐποχιακὰ καὶ οὐδεμίαν ἀνησυχίαν δικαιολογοῦν.

ΔΙΩΡΙΣΘΗΣΑΝ ΤΑ ΜΕΛΗ ΤΟΥ ΣΥΜΒΟΥΛΙΟΥ ΤΗΣ ΓΕΝΙΚΗΣ ΓΡΑΜΜΑΤΕΙΑΣ ΑΘΛΗΤΙΣΜΟΥ
ΠΡΟΕΔΡΟΣ ΩΡΙΣΘΗ Ο ΜΑΟΥΡΕΡ ΕΙΣ ΤΗΝ ΡΟΥΜΑΝΙΑΝ

ΒΙΕΝΝΗ, 11. (Ἀσ. Πρέσ). — Ὁ ραδιοφωνικὸς σταθμὸς τοῦ Βουκουρεστίου ἀνήγγειλεν ὅτι ὁ κ. Ἰὼν Γκεόργκε Μάουρερ ὠρίσθη πρόεδρος τοῦ προεδρείου τῆς Μεγάλης Ἐθνοσυνελεύσεως.

ΒΙΕΝΝΗ, 11. (Ἀσ. Πρέσ). — Ὁ ραδιοφωνικὸς σταθμὸς τοῦ Βουκουρεστίου ἀνήγγειλεν ὅτι ὁ κ. Ἰὼν Γκεόργκε Μάουρερ ὠρίσθη πρόεδρος τοῦ προεδρείου τῆς Μεγάλης Ἐθνοσυνελεύσεως.

ΒΙΕΝΝΗ, 11. (Ἀσ. Πρέσ). — Ὁ ραδιοφωνικὸς σταθμὸς τοῦ Βουκουρεστίου ἀνήγγειλεν ὅτι ὁ κ. Ἰὼν Γκεόργκε Μάουρερ ὠρίσθη πρόεδρος τοῦ προεδρείου τῆς Μεγάλης Ἐθνοσυνελεύσεως.

Ο ΑΠΗΓΟΡΕΥΣΙΣ ΜΙΑΣ ΝΕΑΣ ΚΑΙ ΟΙ ΣΥΝΕΡΓΑΤΑΙ ΤΗΣ ΔΙΚΑΖΟΝΤΑΙ ΕΙΣ ΤΟ ΚΑΚΟΥΡΓΙΟΔΙΚΕΙΟΝ ΣΕΡΡΩΝ
ΜΕΛΕΤΑΤΑΙ ΝΕΑ ΜΕΘΟΔΟΣ ΠΡΟΣ ΘΕΡΑΠΕΙΑΝ ΤΟΥ ΚΑΡΚΙΝΟΥ

ΒΟΝΝΗ, 11. (Ἀσ. Πρέσ). — Ὁ Γερμανὸς καθηγητὴς ἀνεκοίνωσεν ὅτι μελετᾶται νέα μέθοδος πρὸς θεραπείαν τοῦ καρκίνου διὰ τῆς ἀκτινοβολίας.

Ο ΑΜΕΡΙΚΑΝΟΣ ΕΠΙΤΕΛΑΡΧΗΣ ΕΙΣ ΤΗΝ ΤΑΪΒΑΝ

ΒΟΝΝΗ, 11. (Ἀσ. Πρέσ). — Ὁ Γερμανὸς καθηγητὴς ἀνεκοίνωσεν ὅτι μελετᾶται νέα μέθοδος πρὸς θεραπείαν τοῦ καρκίνου διὰ τῆς ἀκτινοβολίας.

ΣΕΡΡΑΙ, 11. — Τὸ κακουργιοδικεῖον Σερρῶν ἐδίκασε τὴν ὑπόθεσιν τῆς ἀπαγωγῆς μιᾶς νεαρᾶς καὶ τῶν συνεργατῶν τοῦ δράστου.

ΣΕΡΡΑΙ, 11. — Τὸ κακουργιοδικεῖον Σερρῶν ἐδίκασε τὴν ὑπόθεσιν τῆς ἀπαγωγῆς μιᾶς νεαρᾶς καὶ τῶν συνεργατῶν τοῦ δράστου.

ΩΡΑ 5.30' ΠΡΩΙΝΗ ΤΗΣ ΚΥΡΙΑΚΗΣ
